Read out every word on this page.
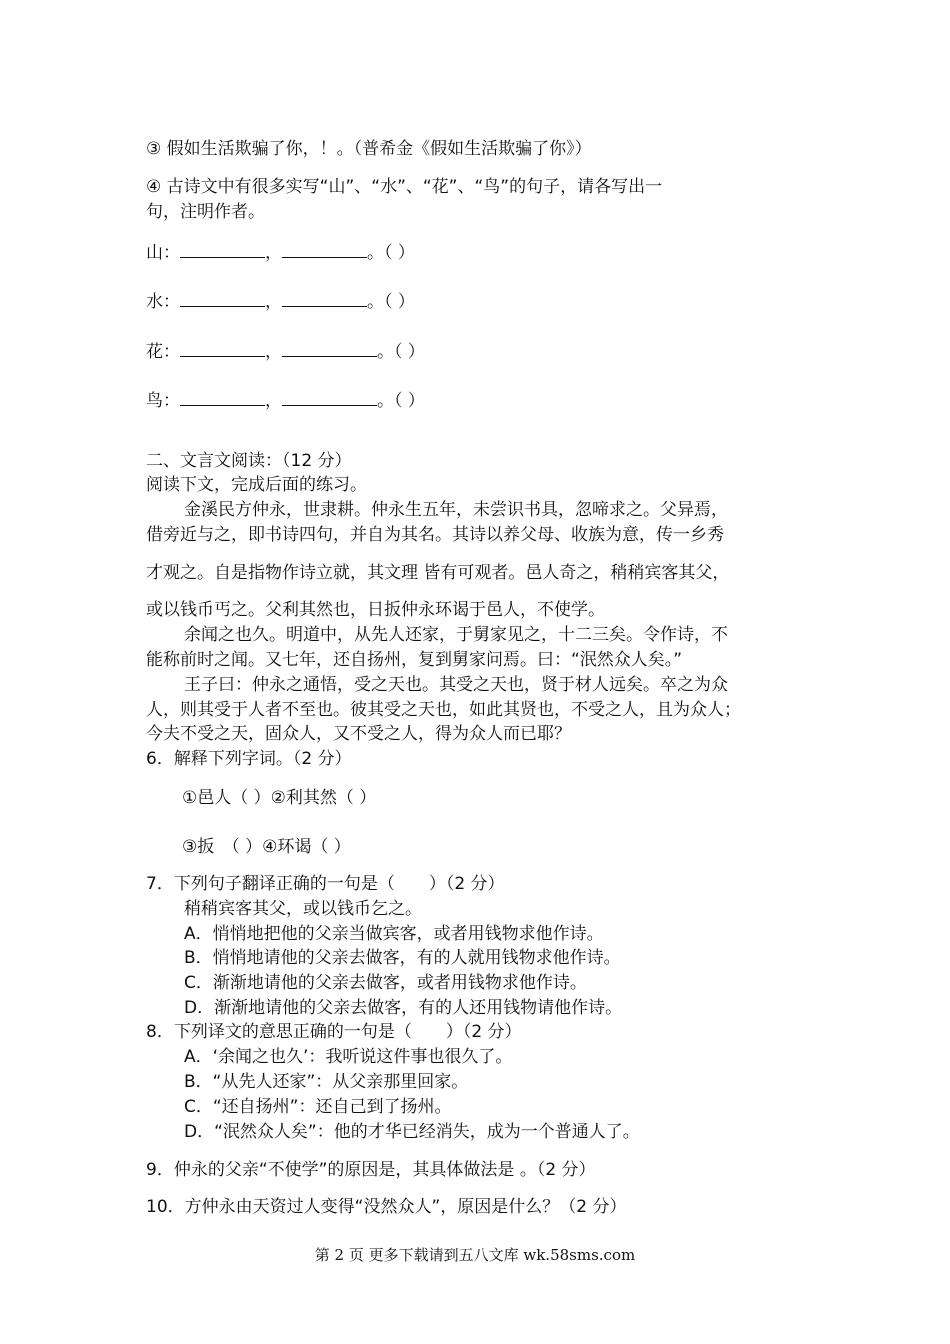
③ 假如生活欺骗了你，！。（普希金《假如生活欺骗了你》）
④ 古诗文中有很多实写“山”、“水”、“花”、“鸟”的句子，请各写出一
句，注明作者。
山：	，	。（ ）
水：	，	。（ ）
花：	，	。（ ）
鸟：	，	。（ ）
二、文言文阅读：（12 分）
阅读下文，完成后面的练习。
金溪民方仲永，世隶耕。仲永生五年，未尝识书具，忽啼求之。父异焉，
借旁近与之，即书诗四句，并自为其名。其诗以养父母、收族为意，传一乡秀
才观之。自是指物作诗立就，其文理 皆有可观者。邑人奇之，稍稍宾客其父，
或以钱币丐之。父利其然也，日扳仲永环谒于邑人，不使学。
余闻之也久。明道中，从先人还家，于舅家见之，十二三矣。令作诗，不
能称前时之闻。又七年，还自扬州，复到舅家问焉。曰：“泯然众人矣。”
王子曰：仲永之通悟，受之天也。其受之天也，贤于材人远矣。卒之为众
人，则其受于人者不至也。彼其受之天也，如此其贤也，不受之人，且为众人；
今夫不受之天，固众人，又不受之人，得为众人而已耶？
6．解释下列字词。（2 分）
①邑人（ ）②利其然（ ）
③扳　（ ）④环谒（ ）
7．下列句子翻译正确的一句是（　　）（2 分）
稍稍宾客其父，或以钱币乞之。
A．悄悄地把他的父亲当做宾客，或者用钱物求他作诗。
B．悄悄地请他的父亲去做客，有的人就用钱物求他作诗。
C．渐渐地请他的父亲去做客，或者用钱物求他作诗。
D．渐渐地请他的父亲去做客，有的人还用钱物请他作诗。
8．下列译文的意思正确的一句是（　　）（2 分）
A．‘余闻之也久’：我听说这件事也很久了。
B．“从先人还家”：从父亲那里回家。
C．“还自扬州”：还自己到了扬州。
D．“泯然众人矣”：他的才华已经消失，成为一个普通人了。
9．仲永的父亲“不使学”的原因是，其具体做法是 。（2 分）
10．方仲永由天资过人变得“没然众人”，原因是什么？（2 分）
第 2 页 更多下载请到五八文库 wk.58sms.com
